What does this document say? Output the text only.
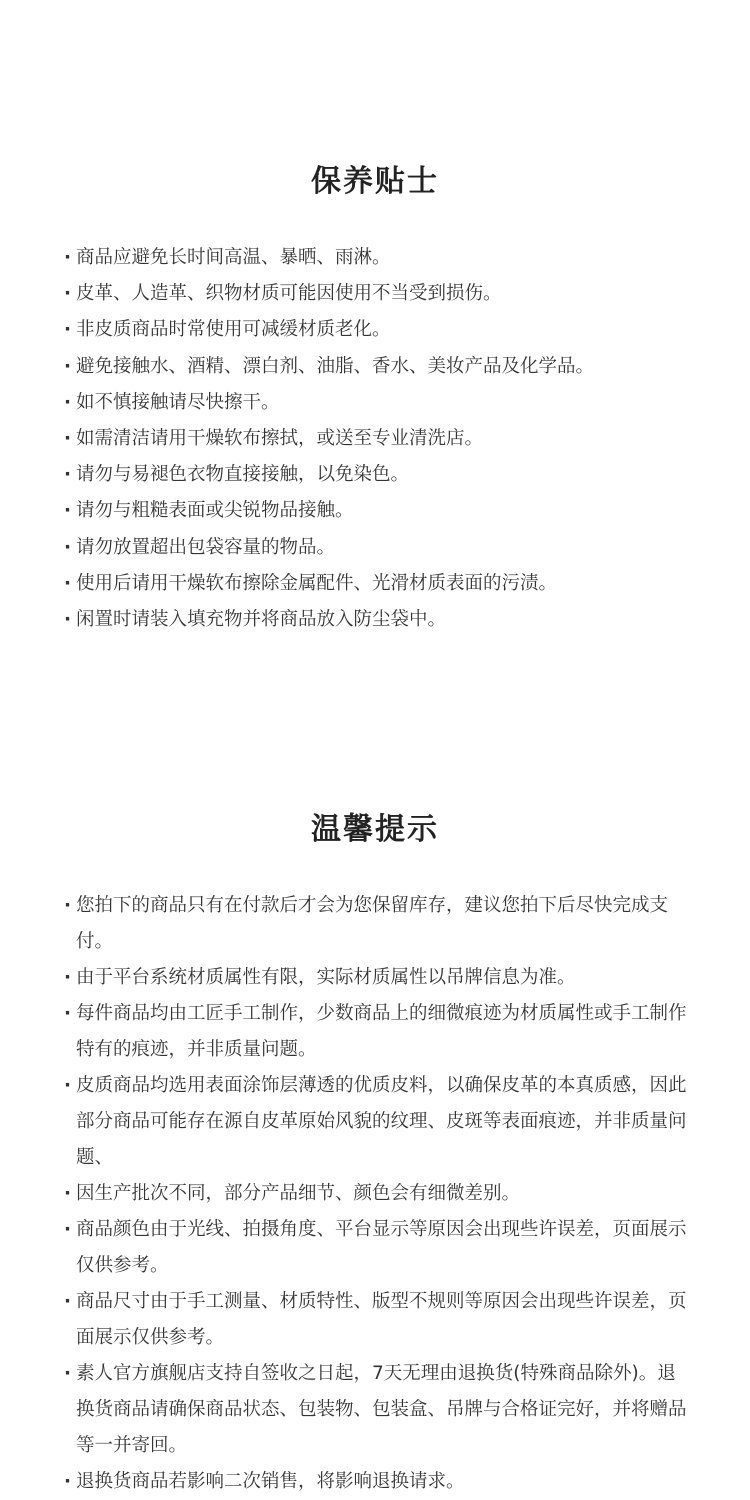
保养贴士
· 商品应避免长时间高温、暴晒、雨淋。
· 皮革、人造革、织物材质可能因使用不当受到损伤。
· 非皮质商品时常使用可减缓材质老化。
· 避免接触水、酒精、漂白剂、油脂、香水、美妆产品及化学品。
· 如不慎接触请尽快擦干。
· 如需清洁请用干燥软布擦拭，或送至专业清洗店。
· 请勿与易褪色衣物直接接触，以免染色。
· 请勿与粗糙表面或尖锐物品接触。
· 请勿放置超出包袋容量的物品。
· 使用后请用干燥软布擦除金属配件、光滑材质表面的污渍。
· 闲置时请装入填充物并将商品放入防尘袋中。
温馨提示
· 您拍下的商品只有在付款后才会为您保留库存，建议您拍下后尽快完成支付。
· 由于平台系统材质属性有限，实际材质属性以吊牌信息为准。
· 每件商品均由工匠手工制作，少数商品上的细微痕迹为材质属性或手工制作特有的痕迹，并非质量问题。
· 皮质商品均选用表面涂饰层薄透的优质皮料，以确保皮革的本真质感，因此部分商品可能存在源自皮革原始风貌的纹理、皮斑等表面痕迹，并非质量问题、
· 因生产批次不同，部分产品细节、颜色会有细微差别。
· 商品颜色由于光线、拍摄角度、平台显示等原因会出现些许误差，页面展示仅供参考。
· 商品尺寸由于手工测量、材质特性、版型不规则等原因会出现些许误差，页面展示仅供参考。
· 素人官方旗舰店支持自签收之日起，7天无理由退换货(特殊商品除外)。退换货商品请确保商品状态、包装物、包装盒、吊牌与合格证完好，并将赠品等一并寄回。
· 退换货商品若影响二次销售，将影响退换请求。
